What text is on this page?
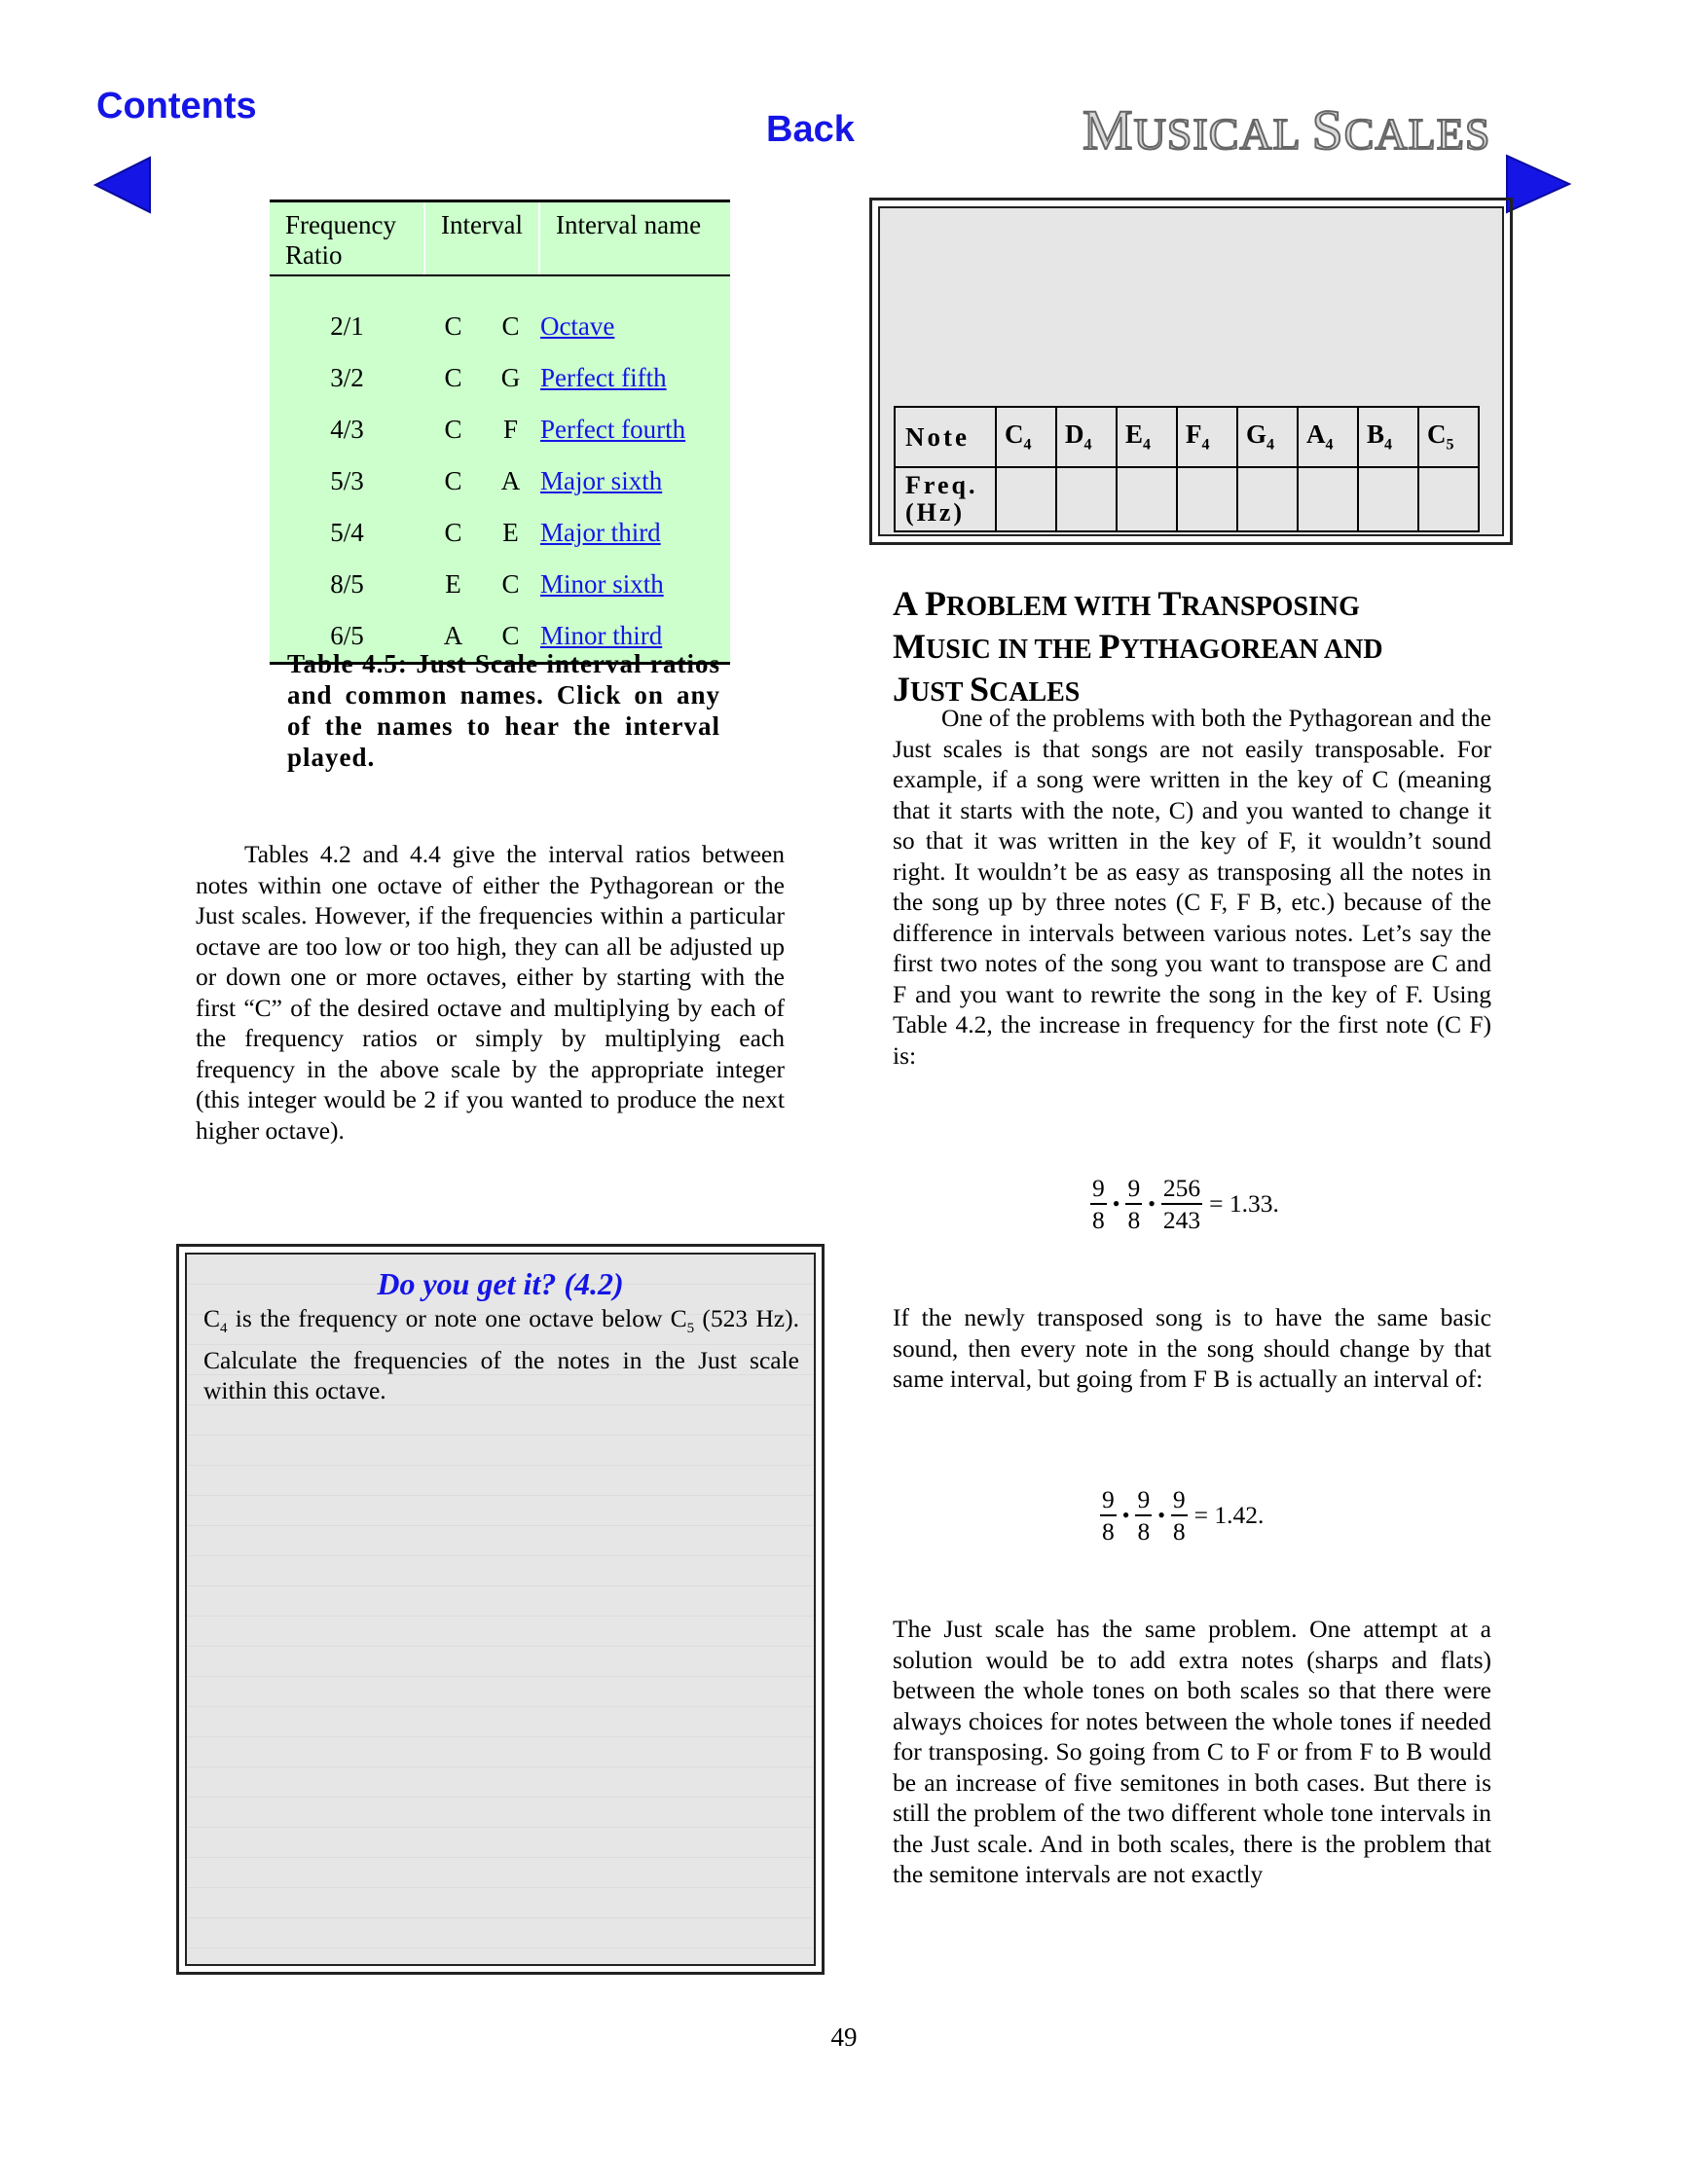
Contents
Back	MUSICAL SCALES
Frequency Ratio	Interval		Interval name
2/1	C	C	Octave
3/2	C	G	Perfect fifth
4/3	C	F	Perfect fourth
5/3	C	A	Major sixth
5/4	C	E	Major third
8/5	E	C	Minor sixth
6/5	A	C	Minor third
Table 4.5: Just Scale interval ratios and common names. Click on any of the names to hear the interval played.
Tables 4.2 and 4.4 give the interval ratios between notes within one octave of either the Pythagorean or the Just scales. However, if the frequencies within a particular octave are too low or too high, they can all be adjusted up or down one or more octaves, either by starting with the first “C” of the desired octave and multiplying by each of the frequency ratios or simply by multiplying each frequency in the above scale by the appropriate integer (this integer would be 2 if you wanted to produce the next higher octave).
Do you get it? (4.2)
$C_4$ is the frequency or note one octave below $C_5$ (523 Hz). Calculate the frequencies of the notes in the Just scale within this octave.
Note	$C_4$	$D_4$	$E_4$	$F_4$	$G_4$	$A_4$	$B_4$	$C_5$
Freq. (Hz)								
A PROBLEM WITH TRANSPOSING
MUSIC IN THE PYTHAGOREAN AND
JUST SCALES
One of the problems with both the Pythagorean and the Just scales is that songs are not easily transposable. For example, if a song were written in the key of C (meaning that it starts with the note, C) and you wanted to change it so that it was written in the key of F, it wouldn’t sound right. It wouldn’t be as easy as transposing all the notes in the song up by three notes (C F, F B, etc.) because of the difference in intervals between various notes. Let’s say the first two notes of the song you want to transpose are C and F and you want to rewrite the song in the key of F. Using Table 4.2, the increase in frequency for the first note (C F) is:
$\frac{9}{8}$ • $\frac{9}{8}$ • $\frac{256}{243} = 1.33$.
If the newly transposed song is to have the same basic sound, then every note in the song should change by that same interval, but going from F B is actually an interval of:
$\frac{9}{8}$ • $\frac{9}{8}$ • $\frac{9}{8} = 1.42$.
The Just scale has the same problem. One attempt at a solution would be to add extra notes (sharps and flats) between the whole tones on both scales so that there were always choices for notes between the whole tones if needed for transposing. So going from C to F or from F to B would be an increase of five semitones in both cases. But there is still the problem of the two different whole tone intervals in the Just scale. And in both scales, there is the problem that the semitone intervals are not exactly
49
